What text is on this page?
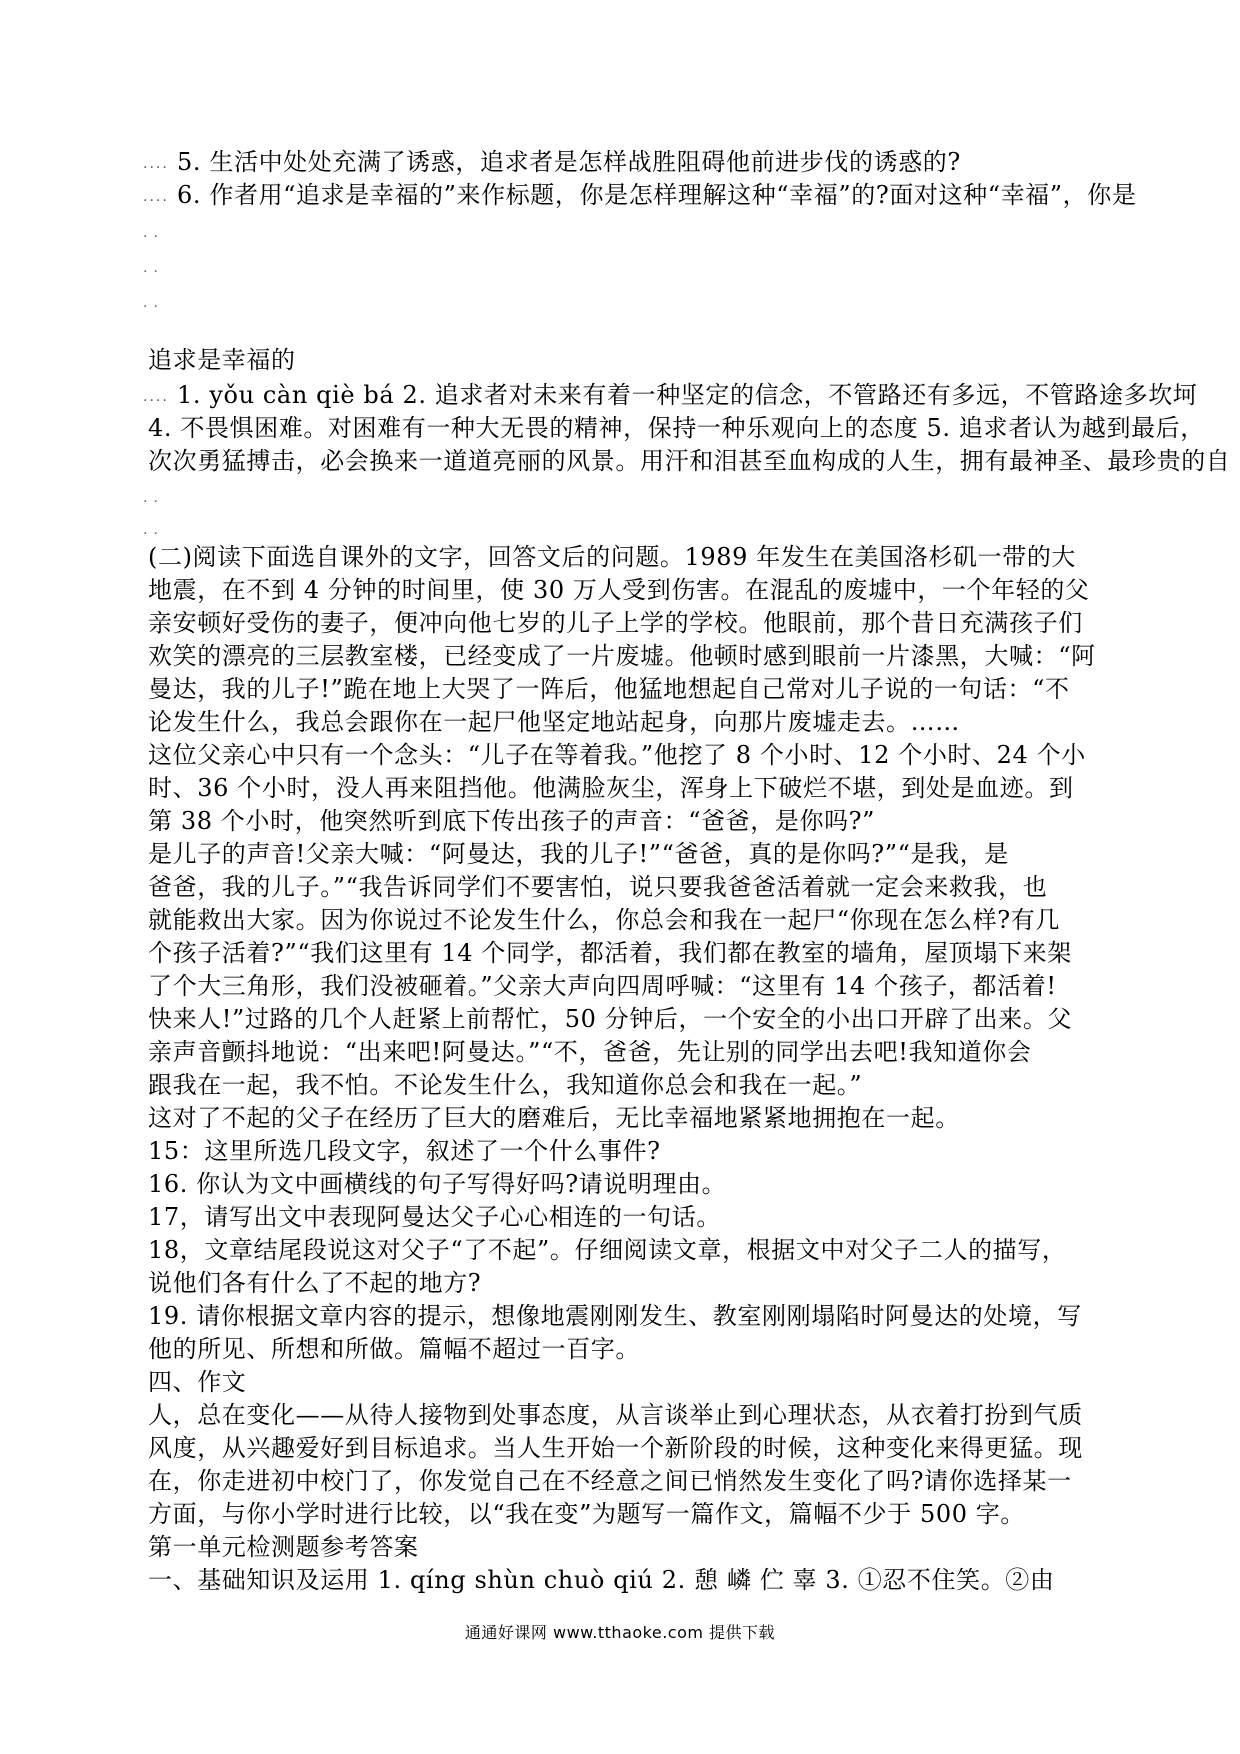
.... 5. 生活中处处充满了诱惑，追求者是怎样战胜阻碍他前进步伐的诱惑的?
.... 6. 作者用“追求是幸福的”来作标题，你是怎样理解这种“幸福”的?面对这种“幸福”，你是
..
..
..
追求是幸福的
.... 1. yǒu càn qiè bá 2. 追求者对未来有着一种坚定的信念，不管路还有多远，不管路途多坎坷
4. 不畏惧困难。对困难有一种大无畏的精神，保持一种乐观向上的态度 5. 追求者认为越到最后，
次次勇猛搏击，必会换来一道道亮丽的风景。用汗和泪甚至血构成的人生，拥有最神圣、最珍贵的自
..
..
(二)阅读下面选自课外的文字，回答文后的问题。1989 年发生在美国洛杉矶一带的大
地震，在不到 4 分钟的时间里，使 30 万人受到伤害。在混乱的废墟中，一个年轻的父
亲安顿好受伤的妻子，便冲向他七岁的儿子上学的学校。他眼前，那个昔日充满孩子们
欢笑的漂亮的三层教室楼，已经变成了一片废墟。他顿时感到眼前一片漆黑，大喊：“阿
曼达，我的儿子!”跪在地上大哭了一阵后，他猛地想起自己常对儿子说的一句话：“不
论发生什么，我总会跟你在一起尸他坚定地站起身，向那片废墟走去。……
这位父亲心中只有一个念头：“儿子在等着我。”他挖了 8 个小时、12 个小时、24 个小
时、36 个小时，没人再来阻挡他。他满脸灰尘，浑身上下破烂不堪，到处是血迹。到
第 38 个小时，他突然听到底下传出孩子的声音：“爸爸，是你吗?”
是儿子的声音!父亲大喊：“阿曼达，我的儿子!”“爸爸，真的是你吗?”“是我，是
爸爸，我的儿子。”“我告诉同学们不要害怕，说只要我爸爸活着就一定会来救我，也
就能救出大家。因为你说过不论发生什么，你总会和我在一起尸“你现在怎么样?有几
个孩子活着?”“我们这里有 14 个同学，都活着，我们都在教室的墙角，屋顶塌下来架
了个大三角形，我们没被砸着。”父亲大声向四周呼喊：“这里有 14 个孩子，都活着!
快来人!”过路的几个人赶紧上前帮忙，50 分钟后，一个安全的小出口开辟了出来。父
亲声音颤抖地说：“出来吧!阿曼达。”“不，爸爸，先让别的同学出去吧!我知道你会
跟我在一起，我不怕。不论发生什么，我知道你总会和我在一起。”
这对了不起的父子在经历了巨大的磨难后，无比幸福地紧紧地拥抱在一起。
15：这里所选几段文字，叙述了一个什么事件?
16. 你认为文中画横线的句子写得好吗?请说明理由。
17，请写出文中表现阿曼达父子心心相连的一句话。
18，文章结尾段说这对父子“了不起”。仔细阅读文章，根据文中对父子二人的描写，
说他们各有什么了不起的地方?
19. 请你根据文章内容的提示，想像地震刚刚发生、教室刚刚塌陷时阿曼达的处境，写
他的所见、所想和所做。篇幅不超过一百字。
四、作文
人，总在变化——从待人接物到处事态度，从言谈举止到心理状态，从衣着打扮到气质
风度，从兴趣爱好到目标追求。当人生开始一个新阶段的时候，这种变化来得更猛。现
在，你走进初中校门了，你发觉自己在不经意之间已悄然发生变化了吗?请你选择某一
方面，与你小学时进行比较，以“我在变”为题写一篇作文，篇幅不少于 500 字。
第一单元检测题参考答案
一、基础知识及运用 1. qíng shùn chuò qiú 2. 憩 嶙 伫 辜 3. ①忍不住笑。②由
通通好课网 www.tthaoke.com 提供下载
